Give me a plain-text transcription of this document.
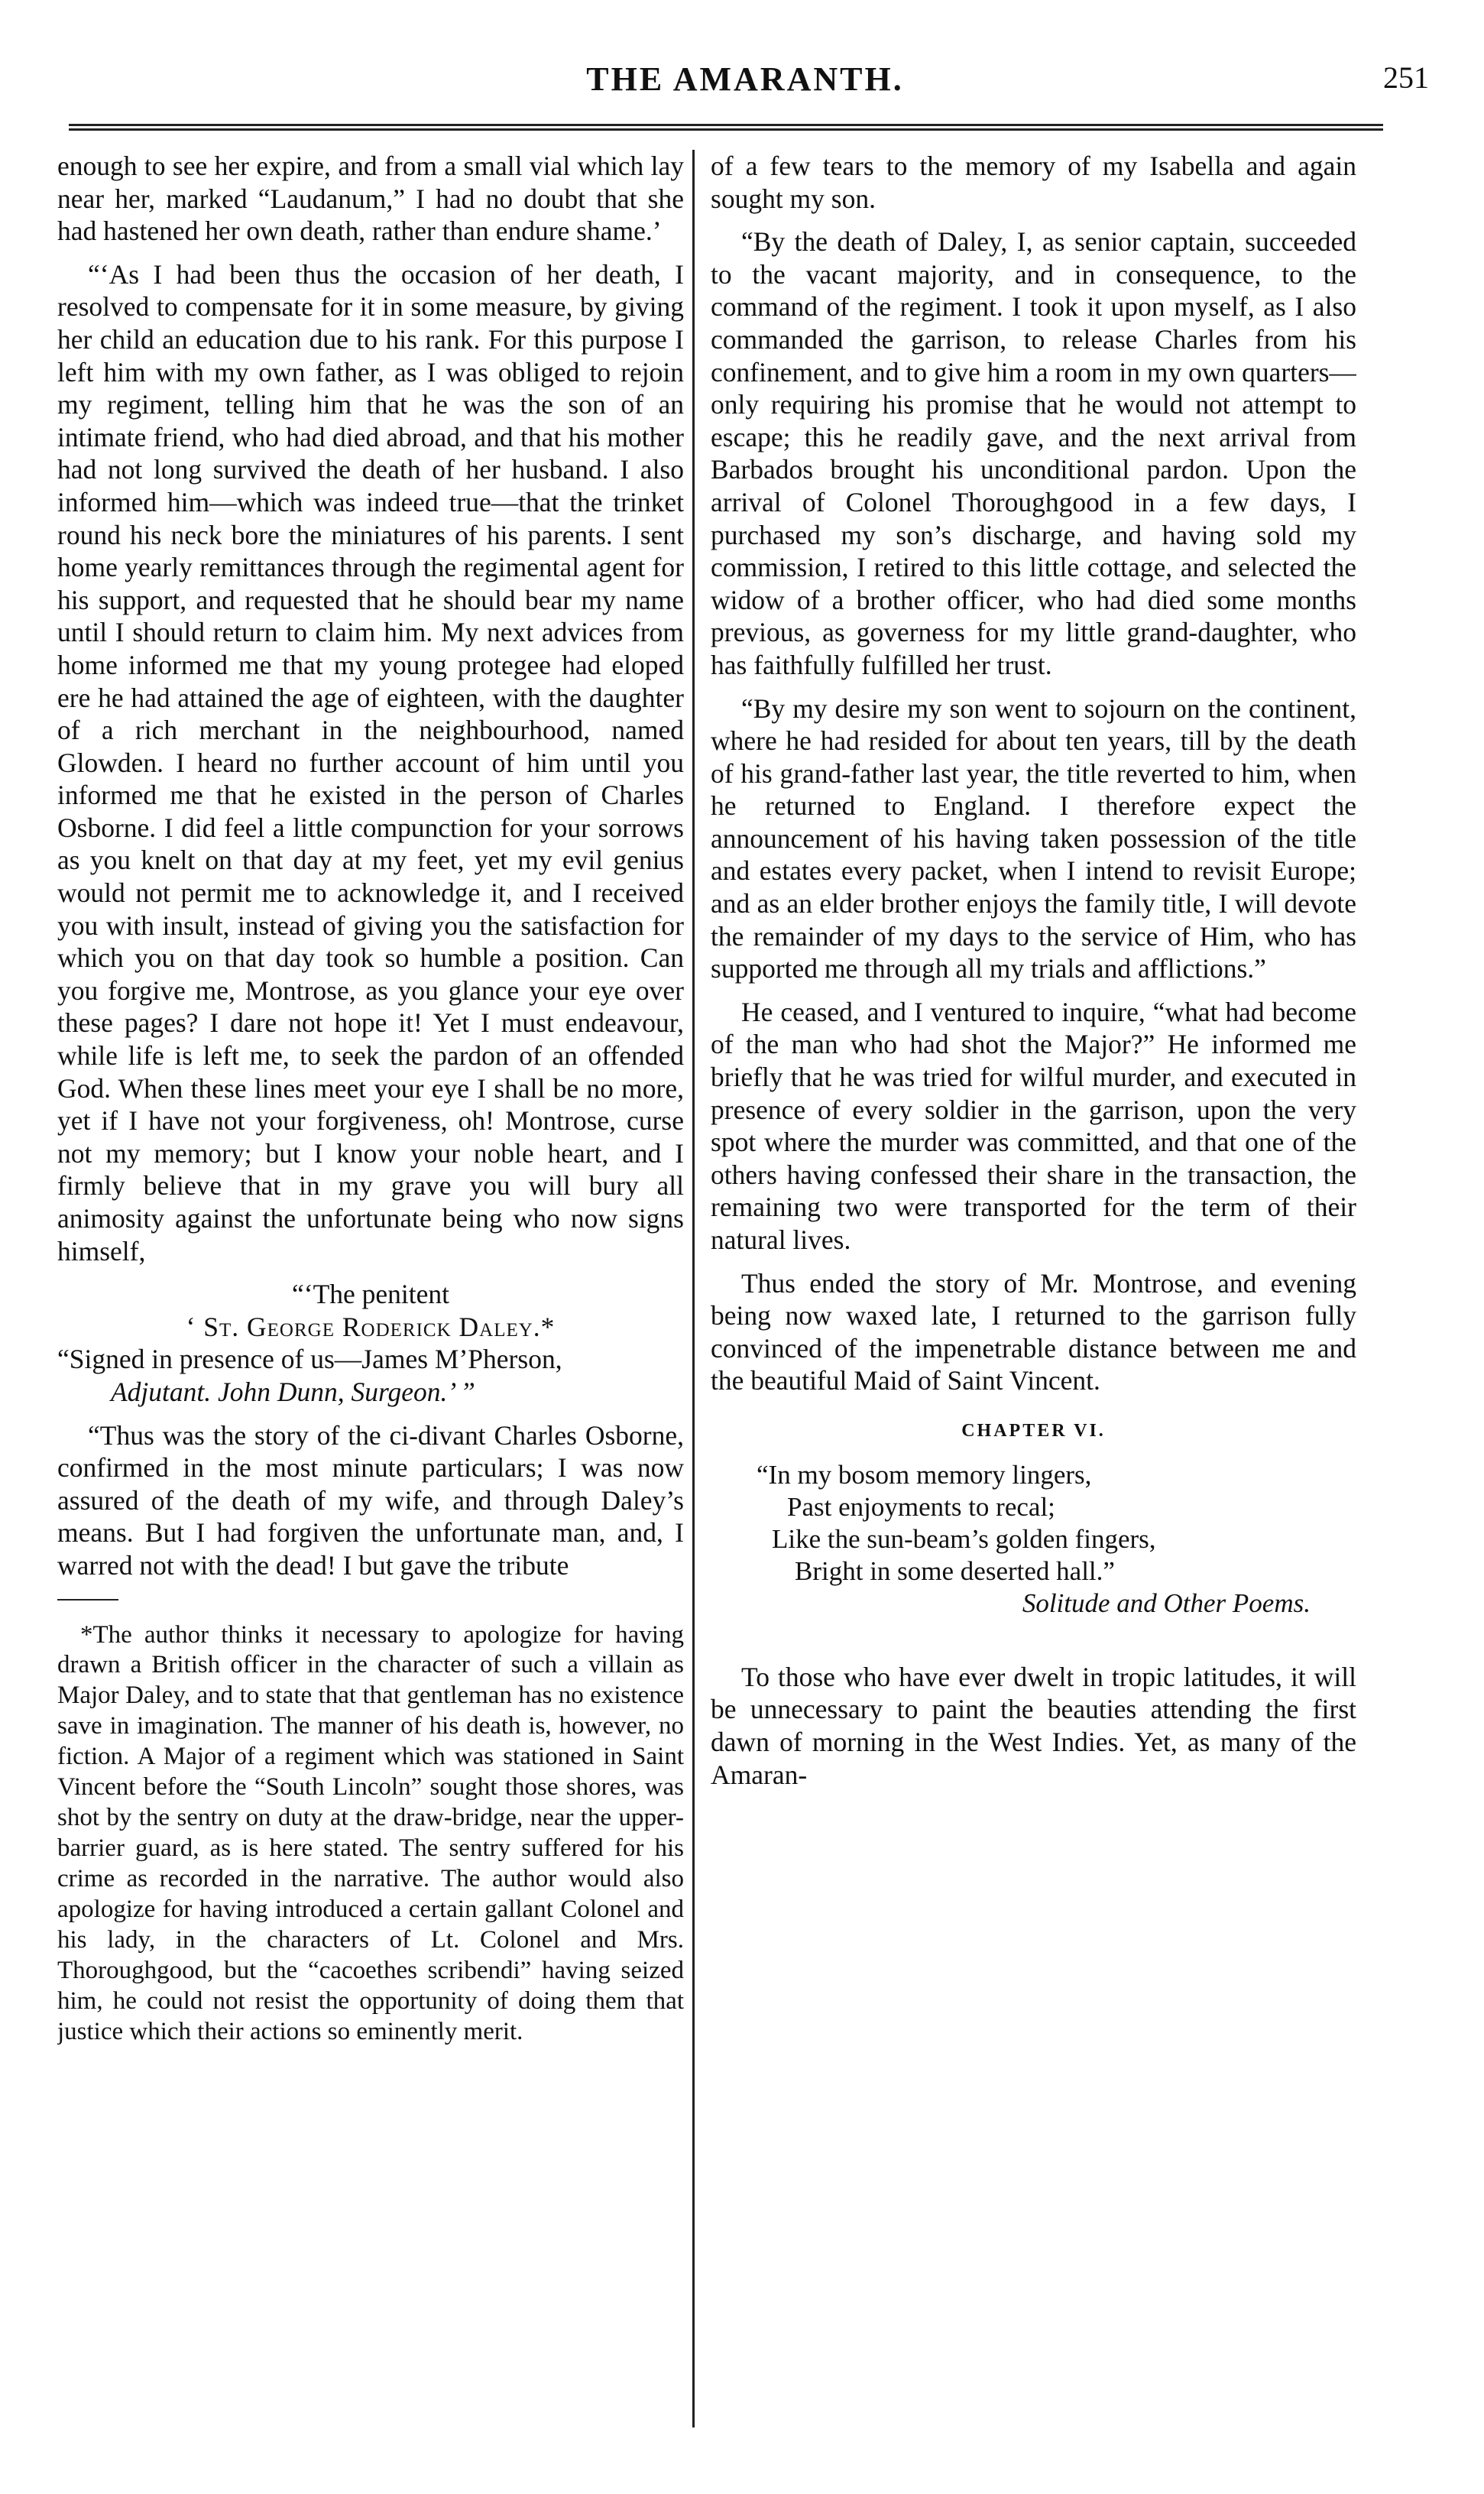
THE AMARANTH.	251

enough to see her expire, and from a small vial which lay near her, marked “Laudanum,” I had no doubt that she had hastened her own death, rather than endure shame.’

“‘As I had been thus the occasion of her death, I resolved to compensate for it in some measure, by giving her child an education due to his rank. For this purpose I left him with my own father, as I was obliged to rejoin my regiment, telling him that he was the son of an intimate friend, who had died abroad, and that his mother had not long survived the death of her husband. I also informed him—which was indeed true—that the trinket round his neck bore the miniatures of his parents. I sent home yearly remittances through the regimental agent for his support, and requested that he should bear my name until I should return to claim him. My next advices from home informed me that my young protegee had eloped ere he had attained the age of eighteen, with the daughter of a rich merchant in the neighbourhood, named Glowden. I heard no further account of him until you informed me that he existed in the person of Charles Osborne. I did feel a little compunction for your sorrows as you knelt on that day at my feet, yet my evil genius would not permit me to acknowledge it, and I received you with insult, instead of giving you the satisfaction for which you on that day took so humble a position. Can you forgive me, Montrose, as you glance your eye over these pages? I dare not hope it! Yet I must endeavour, while life is left me, to seek the pardon of an offended God. When these lines meet your eye I shall be no more, yet if I have not your forgiveness, oh! Montrose, curse not my memory; but I know your noble heart, and I firmly believe that in my grave you will bury all animosity against the unfortunate being who now signs himself,

“‘The penitent

‘ St. George Roderick Daley.*

“Signed in presence of us—James M’Pherson,

Adjutant. John Dunn, Surgeon.’ ”

“Thus was the story of the ci-divant Charles Osborne, confirmed in the most minute particulars; I was now assured of the death of my wife, and through Daley’s means. But I had forgiven the unfortunate man, and, I warred not with the dead! I but gave the tribute

*The author thinks it necessary to apologize for having drawn a British officer in the character of such a villain as Major Daley, and to state that that gentleman has no existence save in imagination. The manner of his death is, however, no fiction. A Major of a regiment which was stationed in Saint Vincent before the “South Lincoln” sought those shores, was shot by the sentry on duty at the draw-bridge, near the upper-barrier guard, as is here stated. The sentry suffered for his crime as recorded in the narrative. The author would also apologize for having introduced a certain gallant Colonel and his lady, in the characters of Lt. Colonel and Mrs. Thoroughgood, but the “cacoethes scribendi” having seized him, he could not resist the opportunity of doing them that justice which their actions so eminently merit.

of a few tears to the memory of my Isabella and again sought my son.

“By the death of Daley, I, as senior captain, succeeded to the vacant majority, and in consequence, to the command of the regiment. I took it upon myself, as I also commanded the garrison, to release Charles from his confinement, and to give him a room in my own quarters—only requiring his promise that he would not attempt to escape; this he readily gave, and the next arrival from Barbados brought his unconditional pardon. Upon the arrival of Colonel Thoroughgood in a few days, I purchased my son’s discharge, and having sold my commission, I retired to this little cottage, and selected the widow of a brother officer, who had died some months previous, as governess for my little grand-daughter, who has faithfully fulfilled her trust.

“By my desire my son went to sojourn on the continent, where he had resided for about ten years, till by the death of his grand-father last year, the title reverted to him, when he returned to England. I therefore expect the announcement of his having taken possession of the title and estates every packet, when I intend to revisit Europe; and as an elder brother enjoys the family title, I will devote the remainder of my days to the service of Him, who has supported me through all my trials and afflictions.”

He ceased, and I ventured to inquire, “what had become of the man who had shot the Major?” He informed me briefly that he was tried for wilful murder, and executed in presence of every soldier in the garrison, upon the very spot where the murder was committed, and that one of the others having confessed their share in the transaction, the remaining two were transported for the term of their natural lives.

Thus ended the story of Mr. Montrose, and evening being now waxed late, I returned to the garrison fully convinced of the impenetrable distance between me and the beautiful Maid of Saint Vincent.

CHAPTER VI.
“In my bosom memory lingers,
Past enjoyments to recal;
Like the sun-beam’s golden fingers,
Bright in some deserted hall.”
Solitude and Other Poems.

To those who have ever dwelt in tropic latitudes, it will be unnecessary to paint the beauties attending the first dawn of morning in the West Indies. Yet, as many of the Amaran-
